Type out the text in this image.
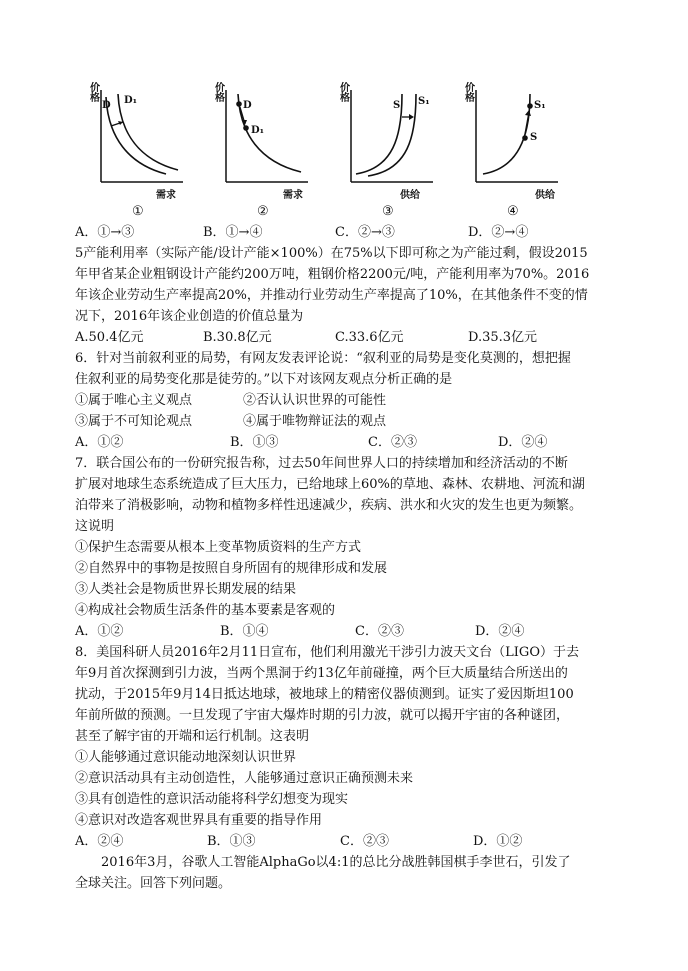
价格
D D₁
需求
①
价格
D
D₁
需求
②
价格
S S₁
供给
③
价格
S₁
S
供给
④
A．①→③	B．①→④	C．②→③	D．②→④
5产能利用率（实际产能/设计产能×100%）在75%以下即可称之为产能过剩，假设2015
年甲省某企业粗钢设计产能约200万吨，粗钢价格2200元/吨，产能利用率为70%。2016
年该企业劳动生产率提高20%，并推动行业劳动生产率提高了10%，在其他条件不变的情
况下，2016年该企业创造的价值总量为
A.50.4亿元	B.30.8亿元	C.33.6亿元	D.35.3亿元
6．针对当前叙利亚的局势，有网友发表评论说：“叙利亚的局势是变化莫测的，想把握
住叙利亚的局势变化那是徒劳的。”以下对该网友观点分析正确的是
①属于唯心主义观点	②否认认识世界的可能性
③属于不可知论观点	④属于唯物辩证法的观点
A．①②	B．①③	C．②③	D．②④
7．联合国公布的一份研究报告称，过去50年间世界人口的持续增加和经济活动的不断
扩展对地球生态系统造成了巨大压力，已给地球上60%的草地、森林、农耕地、河流和湖
泊带来了消极影响，动物和植物多样性迅速减少，疾病、洪水和火灾的发生也更为频繁。
这说明
①保护生态需要从根本上变革物质资料的生产方式
②自然界中的事物是按照自身所固有的规律形成和发展
③人类社会是物质世界长期发展的结果
④构成社会物质生活条件的基本要素是客观的
A．①②	B．①④	C．②③	D．②④
8．美国科研人员2016年2月11日宣布，他们利用激光干涉引力波天文台（LIGO）于去
年9月首次探测到引力波，当两个黑洞于约13亿年前碰撞，两个巨大质量结合所送出的
扰动，于2015年9月14日抵达地球，被地球上的精密仪器侦测到。证实了爱因斯坦100
年前所做的预测。一旦发现了宇宙大爆炸时期的引力波，就可以揭开宇宙的各种谜团，
甚至了解宇宙的开端和运行机制。这表明
①人能够通过意识能动地深刻认识世界
②意识活动具有主动创造性，人能够通过意识正确预测未来
③具有创造性的意识活动能将科学幻想变为现实
④意识对改造客观世界具有重要的指导作用
A．②④	B．①③	C．②③	D．①②
2016年3月，谷歌人工智能AlphaGo以4:1的总比分战胜韩国棋手李世石，引发了
全球关注。回答下列问题。
